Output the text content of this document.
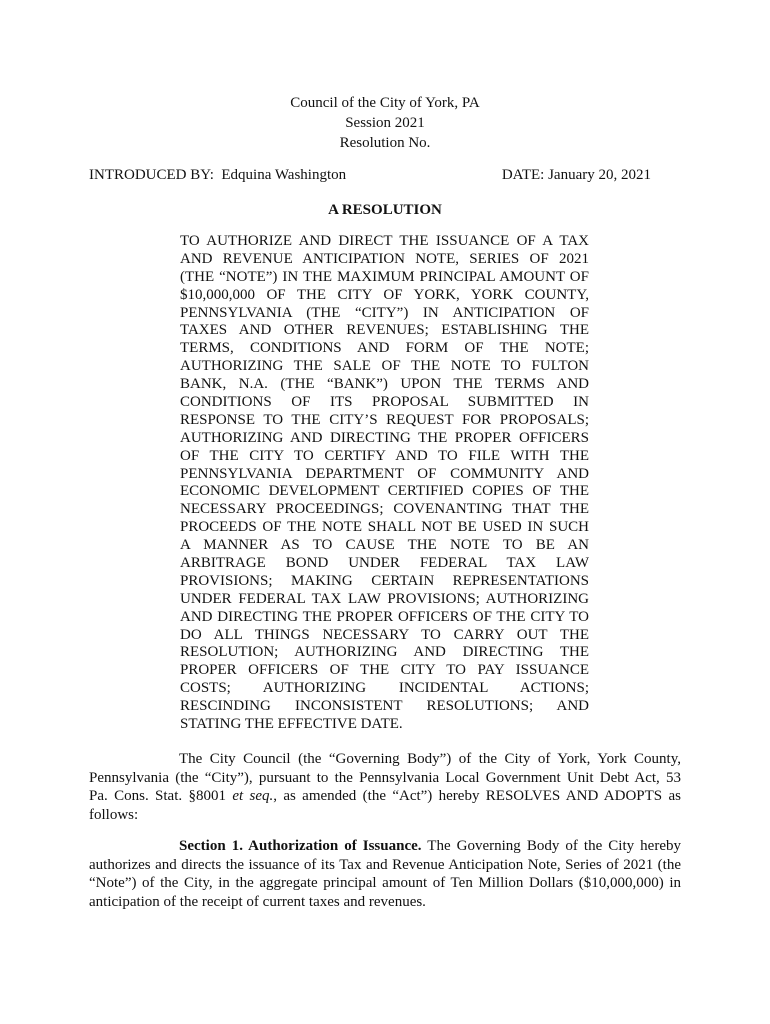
Council of the City of York, PA
Session 2021
Resolution No.
INTRODUCED BY:  Edquina Washington	DATE: January 20, 2021
A RESOLUTION
TO AUTHORIZE AND DIRECT THE ISSUANCE OF A TAX
AND REVENUE ANTICIPATION NOTE, SERIES OF 2021
(THE “NOTE”) IN THE MAXIMUM PRINCIPAL AMOUNT OF
$10,000,000 OF THE CITY OF YORK, YORK COUNTY,
PENNSYLVANIA (THE “CITY”) IN ANTICIPATION OF
TAXES AND OTHER REVENUES; ESTABLISHING THE
TERMS, CONDITIONS AND FORM OF THE NOTE;
AUTHORIZING THE SALE OF THE NOTE TO FULTON
BANK, N.A. (THE “BANK”) UPON THE TERMS AND
CONDITIONS OF ITS PROPOSAL SUBMITTED IN
RESPONSE TO THE CITY’S REQUEST FOR PROPOSALS;
AUTHORIZING AND DIRECTING THE PROPER OFFICERS
OF THE CITY TO CERTIFY AND TO FILE WITH THE
PENNSYLVANIA DEPARTMENT OF COMMUNITY AND
ECONOMIC DEVELOPMENT CERTIFIED COPIES OF THE
NECESSARY PROCEEDINGS; COVENANTING THAT THE
PROCEEDS OF THE NOTE SHALL NOT BE USED IN SUCH
A MANNER AS TO CAUSE THE NOTE TO BE AN
ARBITRAGE BOND UNDER FEDERAL TAX LAW
PROVISIONS; MAKING CERTAIN REPRESENTATIONS
UNDER FEDERAL TAX LAW PROVISIONS; AUTHORIZING
AND DIRECTING THE PROPER OFFICERS OF THE CITY TO
DO ALL THINGS NECESSARY TO CARRY OUT THE
RESOLUTION; AUTHORIZING AND DIRECTING THE
PROPER OFFICERS OF THE CITY TO PAY ISSUANCE
COSTS; AUTHORIZING INCIDENTAL ACTIONS;
RESCINDING INCONSISTENT RESOLUTIONS; AND
STATING THE EFFECTIVE DATE.
The City Council (the “Governing Body”) of the City of York, York County,
Pennsylvania (the “City”), pursuant to the Pennsylvania Local Government Unit Debt Act, 53
Pa. Cons. Stat. §8001 et seq., as amended (the “Act”) hereby RESOLVES AND ADOPTS as
follows:
Section 1. Authorization of Issuance. The Governing Body of the City hereby
authorizes and directs the issuance of its Tax and Revenue Anticipation Note, Series of 2021 (the
“Note”) of the City, in the aggregate principal amount of Ten Million Dollars ($10,000,000) in
anticipation of the receipt of current taxes and revenues.
